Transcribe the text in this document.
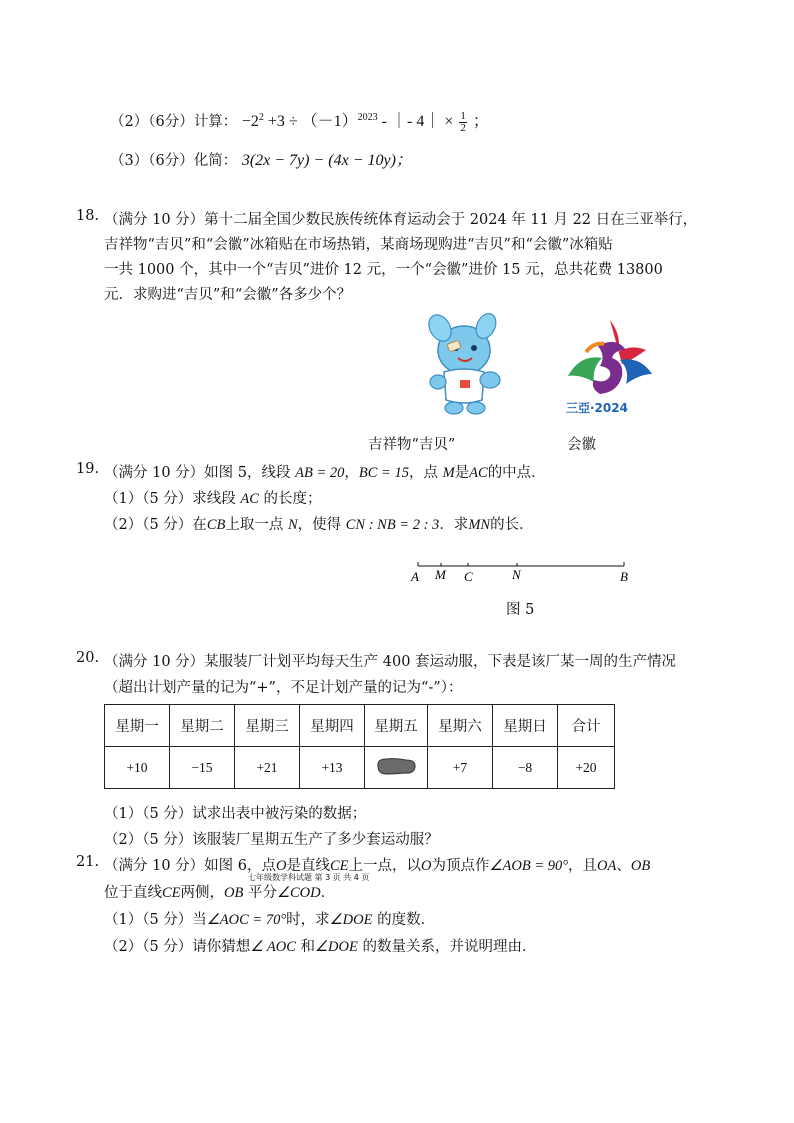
（2）（6分）计算： $-2^2 +3 \div (-1)^{2023}$ - ｜- 4｜ × $\frac{1}{2}$ ；
（3）（6分）化简： 3(2x − 7y) − (4x − 10y)；
18. （满分 10 分）第十二届全国少数民族传统体育运动会于 2024 年 11 月 22 日在三亚举行，
吉祥物“吉贝”和“会徽”冰箱贴在市场热销，某商场现购进“吉贝”和“会徽”冰箱贴
一共 1000 个，其中一个“吉贝”进价 12 元，一个“会徽”进价 15 元，总共花费 13800
元．求购进“吉贝”和“会徽”各多少个？
三亞·2024
吉祥物“吉贝”	会徽
19. （满分 10 分）如图 5，线段 AB = 20，BC = 15，点 M是AC的中点．
（1）（5 分）求线段 AC 的长度；
（2）（5 分）在CB上取一点 N，使得 CN : NB = 2 : 3．求MN的长．
A M C	N	B
图 5
20. （满分 10 分）某服装厂计划平均每天生产 400 套运动服，下表是该厂某一周的生产情况
（超出计划产量的记为“+”，不足计划产量的记为“-”）：
星期一	星期二	星期三	星期四	星期五	星期六	星期日	合计
+10	−15	+21	+13		+7	−8	+20
（1）（5 分）试求出表中被污染的数据；
（2）（5 分）该服装厂星期五生产了多少套运动服？
21. （满分 10 分）如图 6，点O是直线CE上一点，以O为顶点作∠AOB = 90°，且OA、OB
七年级数学科试题 第 3 页 共 4 页
位于直线CE两侧，OB 平分∠COD．
（1）（5 分）当∠AOC = 70°时，求∠DOE 的度数．
（2）（5 分）请你猜想∠ AOC 和∠DOE 的数量关系，并说明理由．
